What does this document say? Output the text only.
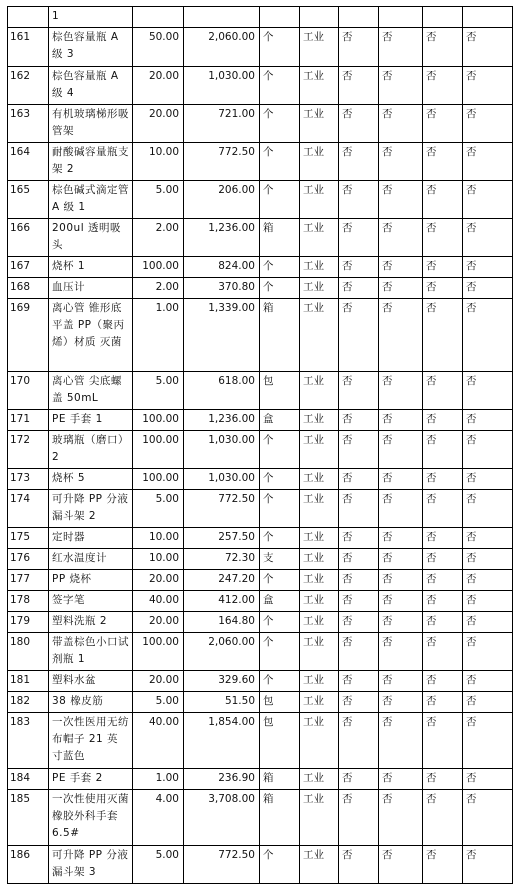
	1								
161	棕色容量瓶 A 级 3	50.00	2,060.00	个	工业	否	否	否	否
162	棕色容量瓶 A 级 4	20.00	1,030.00	个	工业	否	否	否	否
163	有机玻璃梯形吸管架	20.00	721.00	个	工业	否	否	否	否
164	耐酸碱容量瓶支架 2	10.00	772.50	个	工业	否	否	否	否
165	棕色碱式滴定管 A 级 1	5.00	206.00	个	工业	否	否	否	否
166	200ul 透明吸头	2.00	1,236.00	箱	工业	否	否	否	否
167	烧杯 1	100.00	824.00	个	工业	否	否	否	否
168	血压计	2.00	370.80	个	工业	否	否	否	否
169	离心管 锥形底 平盖 PP（聚丙烯）材质 灭菌	1.00	1,339.00	箱	工业	否	否	否	否
170	离心管 尖底螺盖 50mL	5.00	618.00	包	工业	否	否	否	否
171	PE 手套 1	100.00	1,236.00	盒	工业	否	否	否	否
172	玻璃瓶（磨口）2	100.00	1,030.00	个	工业	否	否	否	否
173	烧杯 5	100.00	1,030.00	个	工业	否	否	否	否
174	可升降 PP 分液漏斗架 2	5.00	772.50	个	工业	否	否	否	否
175	定时器	10.00	257.50	个	工业	否	否	否	否
176	红水温度计	10.00	72.30	支	工业	否	否	否	否
177	PP 烧杯	20.00	247.20	个	工业	否	否	否	否
178	签字笔	40.00	412.00	盒	工业	否	否	否	否
179	塑料洗瓶 2	20.00	164.80	个	工业	否	否	否	否
180	带盖棕色小口试剂瓶 1	100.00	2,060.00	个	工业	否	否	否	否
181	塑料水盆	20.00	329.60	个	工业	否	否	否	否
182	38 橡皮筋	5.00	51.50	包	工业	否	否	否	否
183	一次性医用无纺布帽子 21 英寸蓝色	40.00	1,854.00	包	工业	否	否	否	否
184	PE 手套 2	1.00	236.90	箱	工业	否	否	否	否
185	一次性使用灭菌橡胶外科手套 6.5#	4.00	3,708.00	箱	工业	否	否	否	否
186	可升降 PP 分液漏斗架 3	5.00	772.50	个	工业	否	否	否	否
